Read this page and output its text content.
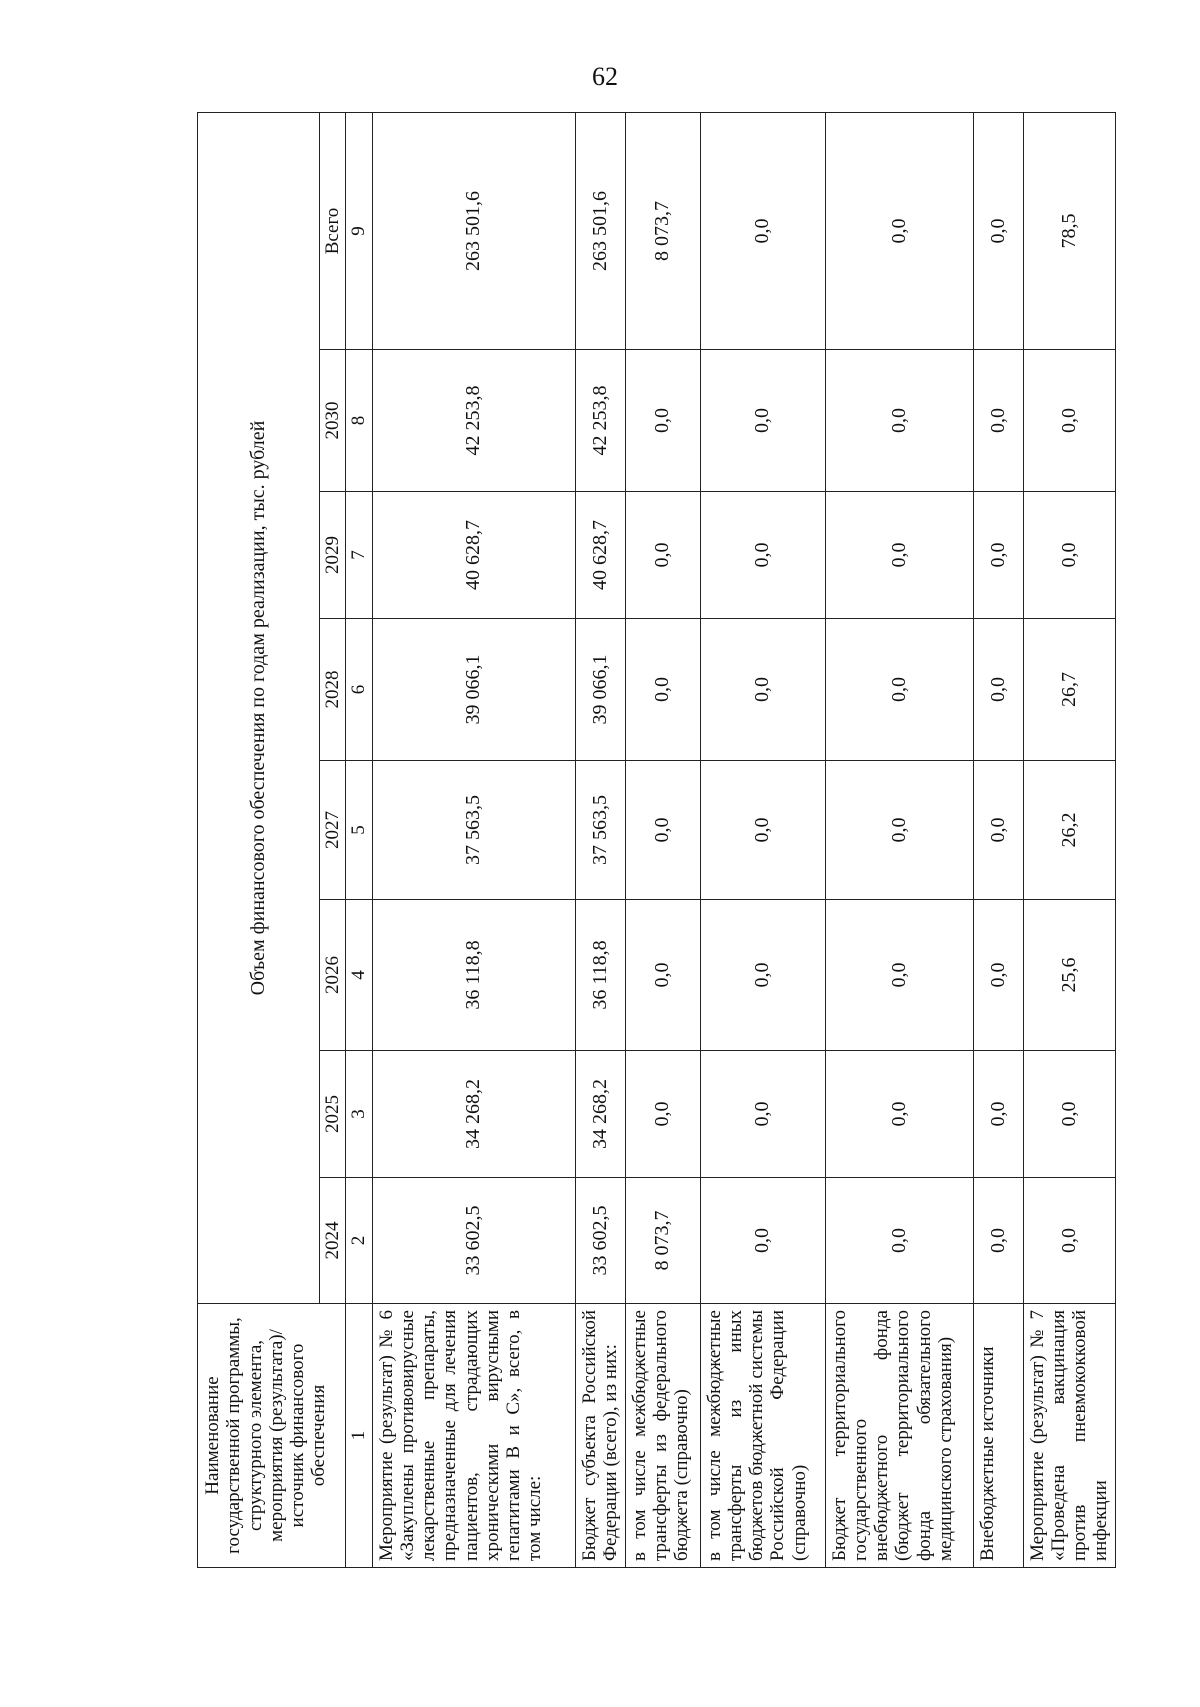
62
Наименование государственной программы, структурного элемента, мероприятия (результата)/источник финансового обеспечения	Объем финансового обеспечения по годам реализации, тыс. рублей							
	2024	2025	2026	2027	2028	2029	2030	Всего
1	2	3	4	5	6	7	8	9
Мероприятие (результат) № 6 «Закуплены противовирусные лекарственные препараты, предназначенные для лечения пациентов, страдающих хроническими вирусными гепатитами В и С», всего, в том числе:	33 602,5	34 268,2	36 118,8	37 563,5	39 066,1	40 628,7	42 253,8	263 501,6
Бюджет субъекта Российской Федерации (всего), из них:	33 602,5	34 268,2	36 118,8	37 563,5	39 066,1	40 628,7	42 253,8	263 501,6
в том числе межбюджетные трансферты из федерального бюджета (справочно)	8 073,7	0,0	0,0	0,0	0,0	0,0	0,0	8 073,7
в том числе межбюджетные трансферты из иных бюджетов бюджетной системы Российской Федерации (справочно)	0,0	0,0	0,0	0,0	0,0	0,0	0,0	0,0
Бюджет территориального государственного внебюджетного фонда (бюджет территориального фонда обязательного медицинского страхования)	0,0	0,0	0,0	0,0	0,0	0,0	0,0	0,0
Внебюджетные источники	0,0	0,0	0,0	0,0	0,0	0,0	0,0	0,0
Мероприятие (результат) № 7 «Проведена вакцинация против пневмококковой инфекции	0,0	0,0	25,6	26,2	26,7	0,0	0,0	78,5
